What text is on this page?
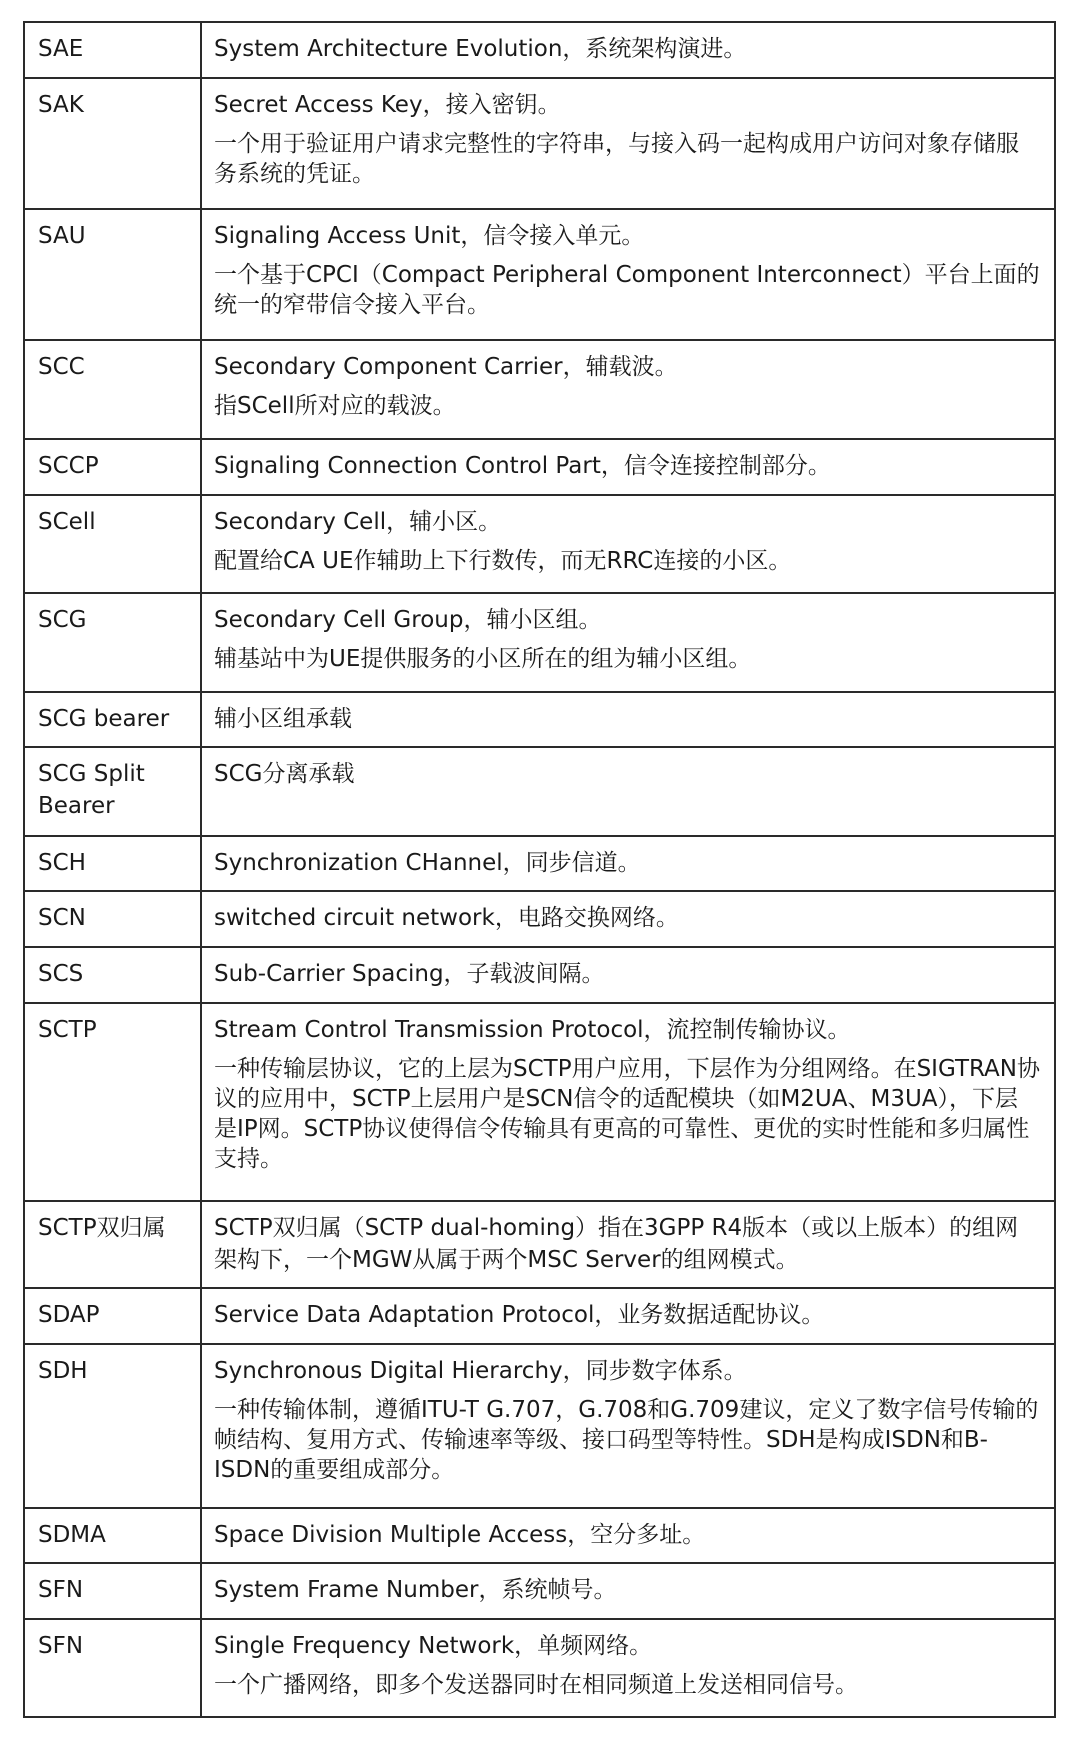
SAE	System Architecture Evolution，系统架构演进。

SAK	Secret Access Key，接入密钥。
一个用于验证用户请求完整性的字符串，与接入码一起构成用户访问对象存储服务系统的凭证。

SAU	Signaling Access Unit，信令接入单元。
一个基于CPCI（Compact Peripheral Component Interconnect）平台上面的统一的窄带信令接入平台。

SCC	Secondary Component Carrier，辅载波。
指SCell所对应的载波。

SCCP	Signaling Connection Control Part，信令连接控制部分。

SCell	Secondary Cell，辅小区。
配置给CA UE作辅助上下行数传，而无RRC连接的小区。

SCG	Secondary Cell Group，辅小区组。
辅基站中为UE提供服务的小区所在的组为辅小区组。

SCG bearer	辅小区组承载

SCG Split Bearer	SCG分离承载

SCH	Synchronization CHannel，同步信道。

SCN	switched circuit network，电路交换网络。

SCS	Sub-Carrier Spacing，子载波间隔。

SCTP	Stream Control Transmission Protocol，流控制传输协议。
一种传输层协议，它的上层为SCTP用户应用，下层作为分组网络。在SIGTRAN协议的应用中，SCTP上层用户是SCN信令的适配模块（如M2UA、M3UA），下层是IP网。SCTP协议使得信令传输具有更高的可靠性、更优的实时性能和多归属性支持。

SCTP双归属	SCTP双归属（SCTP dual-homing）指在3GPP R4版本（或以上版本）的组网架构下，一个MGW从属于两个MSC Server的组网模式。

SDAP	Service Data Adaptation Protocol，业务数据适配协议。

SDH	Synchronous Digital Hierarchy，同步数字体系。
一种传输体制，遵循ITU-T G.707，G.708和G.709建议，定义了数字信号传输的帧结构、复用方式、传输速率等级、接口码型等特性。SDH是构成ISDN和B-ISDN的重要组成部分。

SDMA	Space Division Multiple Access，空分多址。

SFN	System Frame Number，系统帧号。

SFN	Single Frequency Network，单频网络。
一个广播网络，即多个发送器同时在相同频道上发送相同信号。
